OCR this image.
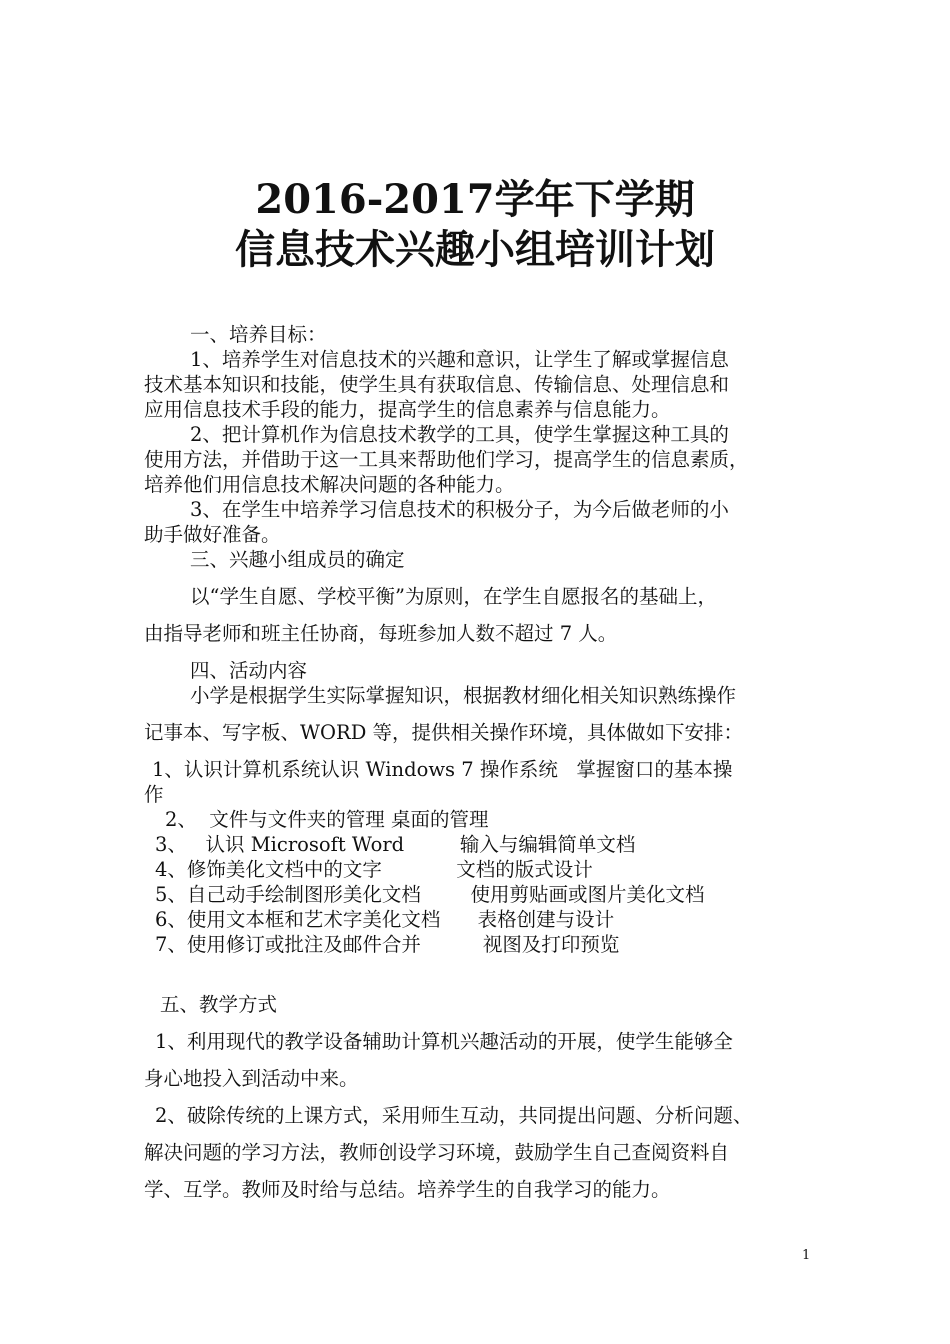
2016-2017学年下学期
信息技术兴趣小组培训计划
一、培养目标：
1、培养学生对信息技术的兴趣和意识，让学生了解或掌握信息
技术基本知识和技能，使学生具有获取信息、传输信息、处理信息和
应用信息技术手段的能力，提高学生的信息素养与信息能力。
2、把计算机作为信息技术教学的工具，使学生掌握这种工具的
使用方法，并借助于这一工具来帮助他们学习，提高学生的信息素质，
培养他们用信息技术解决问题的各种能力。
3、在学生中培养学习信息技术的积极分子，为今后做老师的小
助手做好准备。
三、兴趣小组成员的确定
以“学生自愿、学校平衡”为原则，在学生自愿报名的基础上，
由指导老师和班主任协商，每班参加人数不超过 7 人。
四、活动内容
小学是根据学生实际掌握知识，根据教材细化相关知识熟练操作
记事本、写字板、WORD 等，提供相关操作环境，具体做如下安排：
1、认识计算机系统认识 Windows 7 操作系统   掌握窗口的基本操
作
2、  文件与文件夹的管理 桌面的管理
3、   认识 Microsoft Word         输入与编辑简单文档
4、修饰美化文档中的文字            文档的版式设计
5、自己动手绘制图形美化文档        使用剪贴画或图片美化文档
6、使用文本框和艺术字美化文档      表格创建与设计
7、使用修订或批注及邮件合并          视图及打印预览
五、教学方式
1、利用现代的教学设备辅助计算机兴趣活动的开展，使学生能够全
身心地投入到活动中来。
2、破除传统的上课方式，采用师生互动，共同提出问题、分析问题、
解决问题的学习方法，教师创设学习环境，鼓励学生自己查阅资料自
学、互学。教师及时给与总结。培养学生的自我学习的能力。
1
